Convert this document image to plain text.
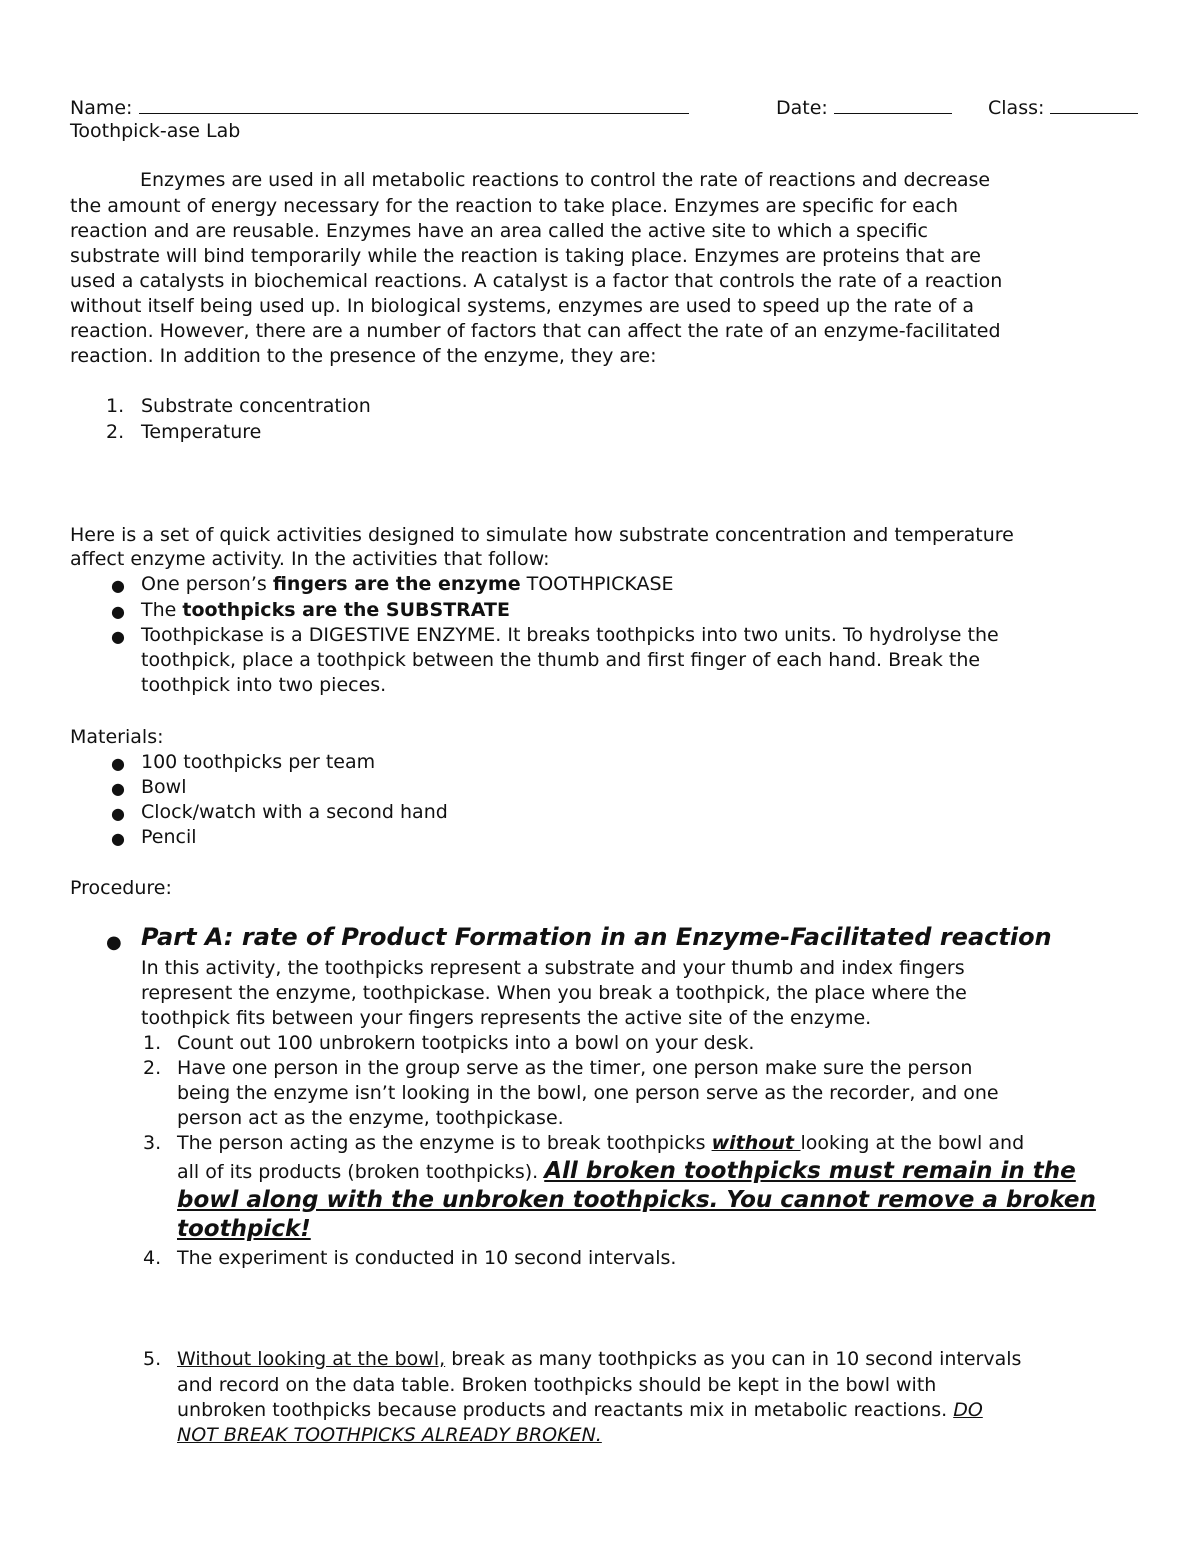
Name:	Date:	Class:
Toothpick-ase Lab
Enzymes are used in all metabolic reactions to control the rate of reactions and decrease
the amount of energy necessary for the reaction to take place. Enzymes are specific for each
reaction and are reusable. Enzymes have an area called the active site to which a specific
substrate will bind temporarily while the reaction is taking place. Enzymes are proteins that are
used a catalysts in biochemical reactions. A catalyst is a factor that controls the rate of a reaction
without itself being used up. In biological systems, enzymes are used to speed up the rate of a
reaction. However, there are a number of factors that can affect the rate of an enzyme-facilitated
reaction. In addition to the presence of the enzyme, they are:
1. Substrate concentration
2. Temperature
Here is a set of quick activities designed to simulate how substrate concentration and temperature
affect enzyme activity. In the activities that follow:
● One person’s fingers are the enzyme TOOTHPICKASE
● The toothpicks are the SUBSTRATE
● Toothpickase is a DIGESTIVE ENZYME. It breaks toothpicks into two units. To hydrolyse the
toothpick, place a toothpick between the thumb and first finger of each hand. Break the
toothpick into two pieces.
Materials:
● 100 toothpicks per team
● Bowl
● Clock/watch with a second hand
● Pencil
Procedure:
● Part A: rate of Product Formation in an Enzyme-Facilitated reaction
In this activity, the toothpicks represent a substrate and your thumb and index fingers
represent the enzyme, toothpickase. When you break a toothpick, the place where the
toothpick fits between your fingers represents the active site of the enzyme.
1. Count out 100 unbrokern tootpicks into a bowl on your desk.
2. Have one person in the group serve as the timer, one person make sure the person
being the enzyme isn’t looking in the bowl, one person serve as the recorder, and one
person act as the enzyme, toothpickase.
3. The person acting as the enzyme is to break toothpicks without looking at the bowl and
all of its products (broken toothpicks). All broken toothpicks must remain in the
bowl along with the unbroken toothpicks. You cannot remove a broken
toothpick!
4. The experiment is conducted in 10 second intervals.
5. Without looking at the bowl, break as many toothpicks as you can in 10 second intervals
and record on the data table. Broken toothpicks should be kept in the bowl with
unbroken toothpicks because products and reactants mix in metabolic reactions. DO
NOT BREAK TOOTHPICKS ALREADY BROKEN.
